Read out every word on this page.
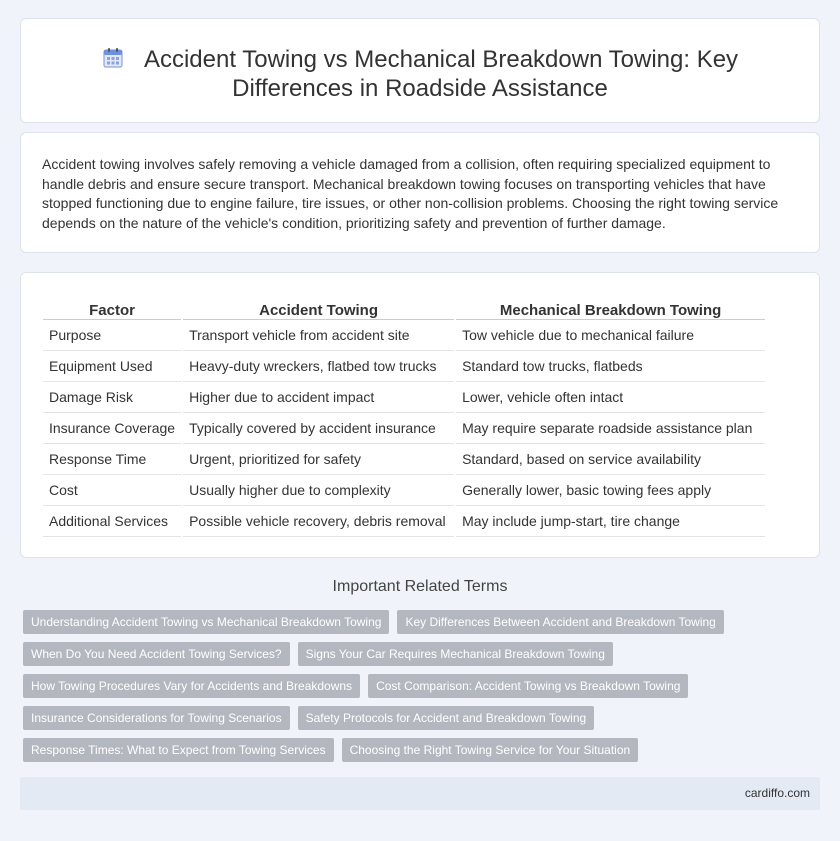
Accident Towing vs Mechanical Breakdown Towing: Key
Differences in Roadside Assistance

Accident towing involves safely removing a vehicle damaged from a collision, often requiring specialized equipment to handle debris and ensure secure transport. Mechanical breakdown towing focuses on transporting vehicles that have stopped functioning due to engine failure, tire issues, or other non-collision problems. Choosing the right towing service depends on the nature of the vehicle's condition, prioritizing safety and prevention of further damage.

Factor	Accident Towing	Mechanical Breakdown Towing
Purpose	Transport vehicle from accident site	Tow vehicle due to mechanical failure
Equipment Used	Heavy-duty wreckers, flatbed tow trucks	Standard tow trucks, flatbeds
Damage Risk	Higher due to accident impact	Lower, vehicle often intact
Insurance Coverage	Typically covered by accident insurance	May require separate roadside assistance plan
Response Time	Urgent, prioritized for safety	Standard, based on service availability
Cost	Usually higher due to complexity	Generally lower, basic towing fees apply
Additional Services	Possible vehicle recovery, debris removal	May include jump-start, tire change
Important Related Terms
Understanding Accident Towing vs Mechanical Breakdown Towing Key Differences Between Accident and Breakdown Towing
When Do You Need Accident Towing Services? Signs Your Car Requires Mechanical Breakdown Towing
How Towing Procedures Vary for Accidents and Breakdowns Cost Comparison: Accident Towing vs Breakdown Towing
Insurance Considerations for Towing Scenarios Safety Protocols for Accident and Breakdown Towing
Response Times: What to Expect from Towing Services Choosing the Right Towing Service for Your Situation
cardiffo.com
